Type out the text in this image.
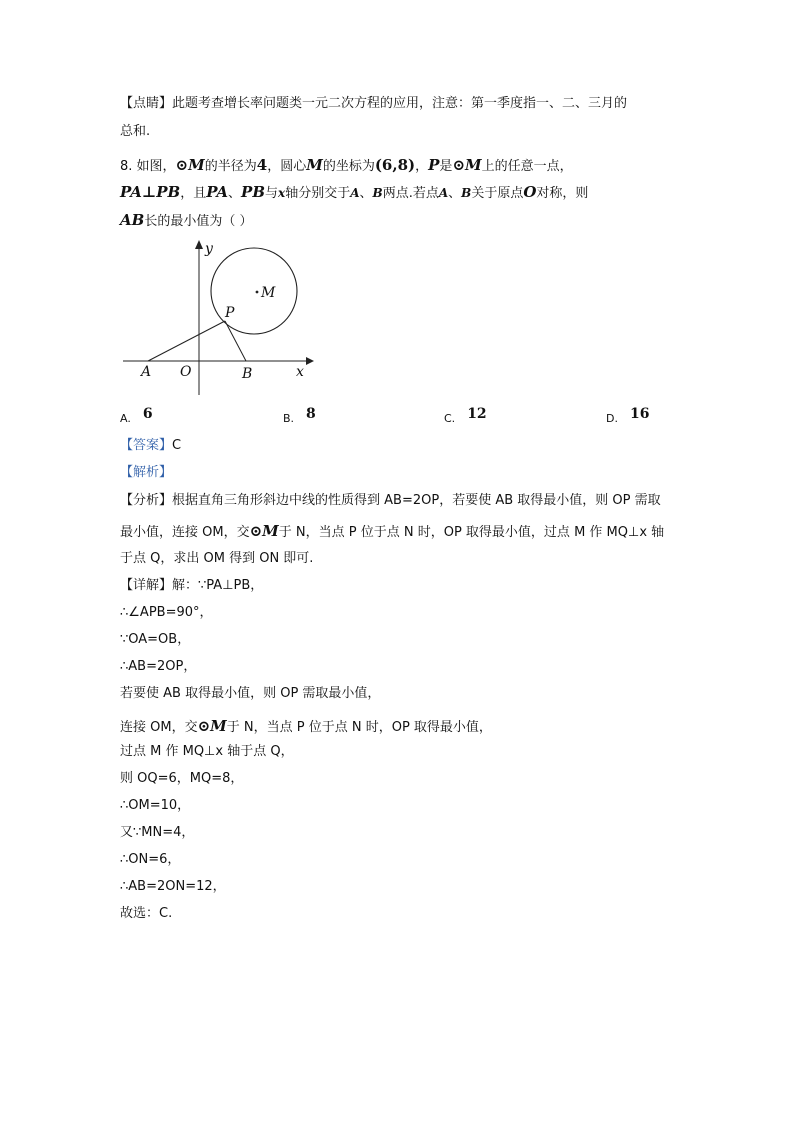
【点睛】此题考查增长率问题类一元二次方程的应用，注意：第一季度指一、二、三月的
总和.
8. 如图，⊙M的半径为4，圆心M的坐标为(6,8)，P是⊙M上的任意一点，
PA⊥PB，且PA、PB与x轴分别交于A、B两点.若点A、B关于原点O对称，则
AB长的最小值为（ ）
y
x
M
P
A O	B
A. 6	B. 8	C. 12	D. 16
【答案】C
【解析】
【分析】根据直角三角形斜边中线的性质得到 AB=2OP，若要使 AB 取得最小值，则 OP 需取
最小值，连接 OM，交⊙M于 N，当点 P 位于点 N 时，OP 取得最小值，过点 M 作 MQ⊥x 轴
于点 Q，求出 OM 得到 ON 即可.
【详解】解：∵PA⊥PB，
∴∠APB=90°，
∵OA=OB，
∴AB=2OP，
若要使 AB 取得最小值，则 OP 需取最小值，
连接 OM，交⊙M于 N，当点 P 位于点 N 时，OP 取得最小值，
过点 M 作 MQ⊥x 轴于点 Q，
则 OQ=6，MQ=8，
∴OM=10，
又∵MN=4，
∴ON=6，
∴AB=2ON=12，
故选：C.
